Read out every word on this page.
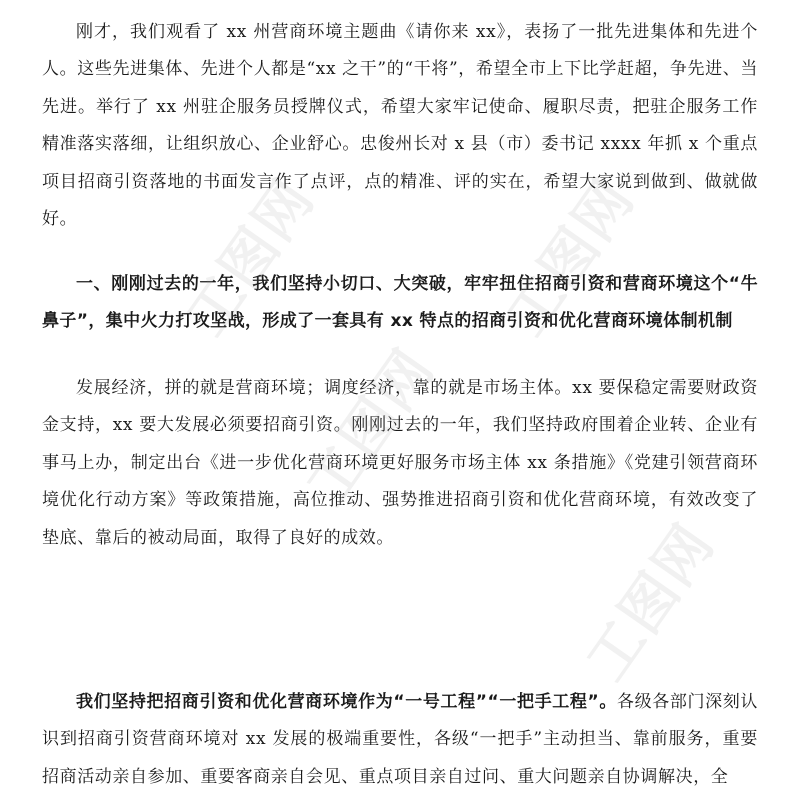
刚才，我们观看了 xx 州营商环境主题曲《请你来 xx》，表扬了一批先进集体和先进个人。这些先进集体、先进个人都是“xx 之干”的“干将”，希望全市上下比学赶超，争先进、当先进。举行了 xx 州驻企服务员授牌仪式，希望大家牢记使命、履职尽责，把驻企服务工作精准落实落细，让组织放心、企业舒心。忠俊州长对 x 县（市）委书记 xxxx 年抓 x 个重点项目招商引资落地的书面发言作了点评，点的精准、评的实在，希望大家说到做到、做就做好。

一、刚刚过去的一年，我们坚持小切口、大突破，牢牢扭住招商引资和营商环境这个“牛鼻子”，集中火力打攻坚战，形成了一套具有 xx 特点的招商引资和优化营商环境体制机制

发展经济，拼的就是营商环境；调度经济，靠的就是市场主体。xx 要保稳定需要财政资金支持，xx 要大发展必须要招商引资。刚刚过去的一年，我们坚持政府围着企业转、企业有事马上办，制定出台《进一步优化营商环境更好服务市场主体 xx 条措施》《党建引领营商环境优化行动方案》等政策措施，高位推动、强势推进招商引资和优化营商环境，有效改变了垫底、靠后的被动局面，取得了良好的成效。

我们坚持把招商引资和优化营商环境作为“一号工程”“一把手工程”。各级各部门深刻认识到招商引资营商环境对 xx 发展的极端重要性，各级“一把手”主动担当、靠前服务，重要招商活动亲自参加、重要客商亲自会见、重点项目亲自过问、重大问题亲自协调解决，全

工图网	工图网
工图网
工图网
